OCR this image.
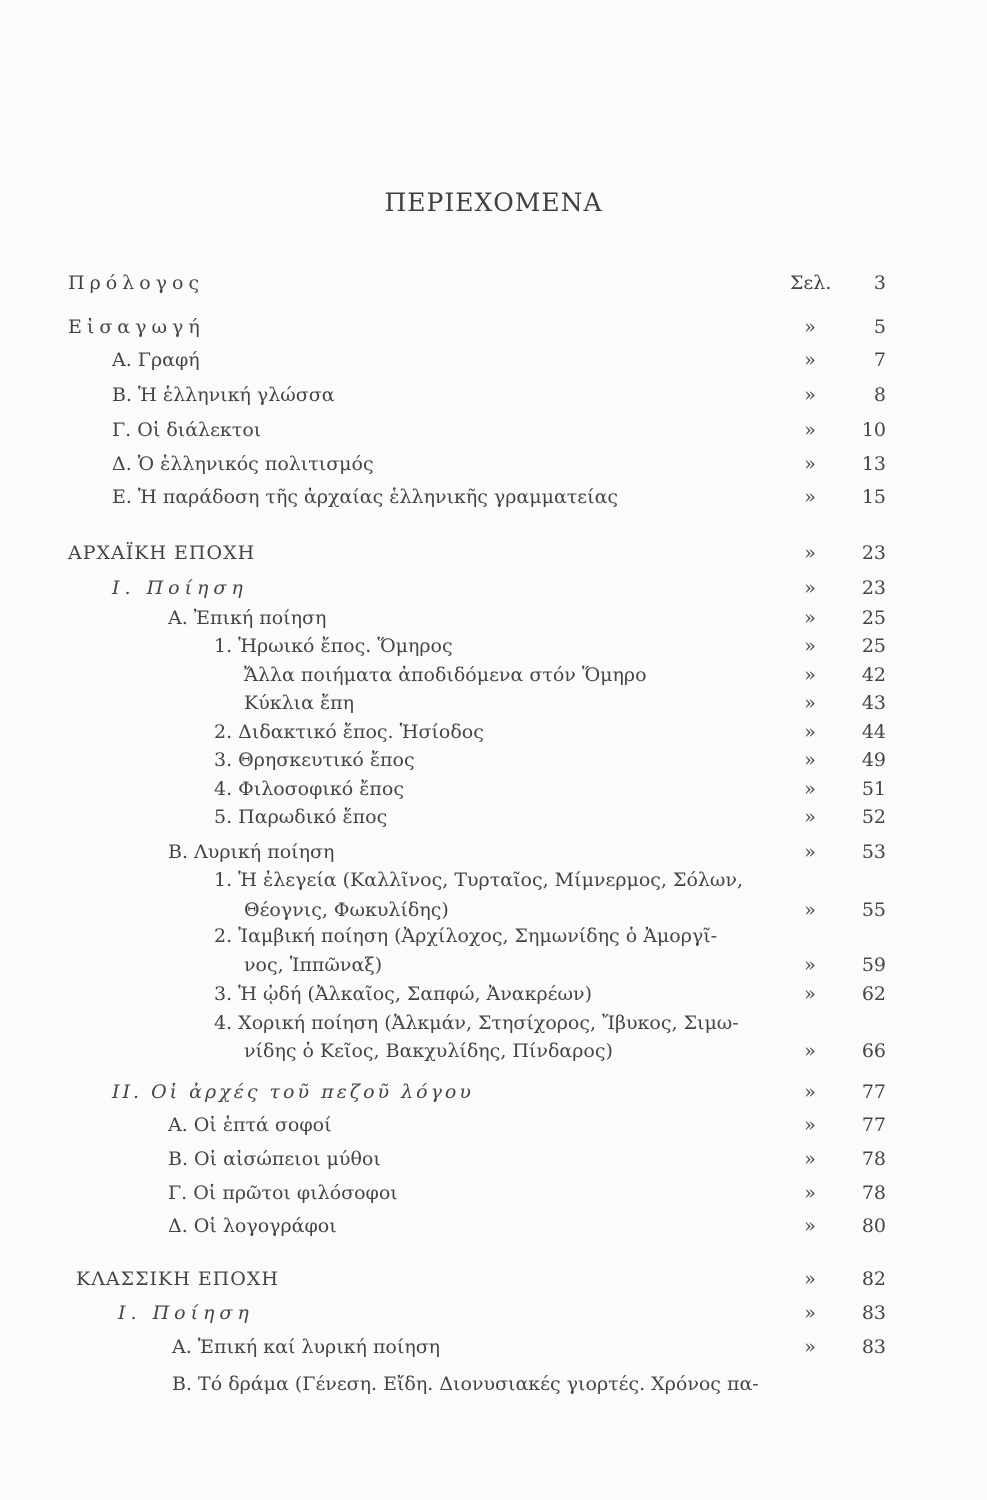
ΠΕΡΙΕΧΟΜΕΝΑ
Πρόλογος	Σελ.	3
Εἰσαγωγή	»	5
Α. Γραφή	»	7
Β. Ἡ ἑλληνική γλώσσα	»	8
Γ. Οἱ διάλεκτοι	»	10
Δ. Ὁ ἑλληνικός πολιτισμός	»	13
Ε. Ἡ παράδοση τῆς ἀρχαίας ἑλληνικῆς γραμματείας	»	15
ΑΡΧΑΪΚΗ ΕΠΟΧΗ	»	23
Ι. Ποίηση	»	23
Α. Ἐπική ποίηση	»	25
1. Ἡρωικό ἔπος. Ὅμηρος	»	25
Ἄλλα ποιήματα ἀποδιδόμενα στόν Ὅμηρο	»	42
Κύκλια ἔπη	»	43
2. Διδακτικό ἔπος. Ἡσίοδος	»	44
3. Θρησκευτικό ἔπος	»	49
4. Φιλοσοφικό ἔπος	»	51
5. Παρωδικό ἔπος	»	52
Β. Λυρική ποίηση	»	53
1. Ἡ ἐλεγεία (Καλλῖνος, Τυρταῖος, Μίμνερμος, Σόλων,
Θέογνις, Φωκυλίδης)	»	55
2. Ἰαμβική ποίηση (Ἀρχίλοχος, Σημωνίδης ὁ Ἀμοργῖ-
νος, Ἱππῶναξ)	»	59
3. Ἡ ᾠδή (Ἀλκαῖος, Σαπφώ, Ἀνακρέων)	»	62
4. Χορική ποίηση (Ἀλκμάν, Στησίχορος, Ἴβυκος, Σιμω-
νίδης ὁ Κεῖος, Βακχυλίδης, Πίνδαρος)	»	66
ΙΙ. Οἱ ἀρχές τοῦ πεζοῦ λόγου	»	77
Α. Οἱ ἑπτά σοφοί	»	77
Β. Οἱ αἰσώπειοι μύθοι	»	78
Γ. Οἱ πρῶτοι φιλόσοφοι	»	78
Δ. Οἱ λογογράφοι	»	80
ΚΛΑΣΣΙΚΗ ΕΠΟΧΗ	»	82
Ι. Ποίηση	»	83
Α. Ἐπική καί λυρική ποίηση	»	83
Β. Τό δράμα (Γένεση. Εἴδη. Διονυσιακές γιορτές. Χρόνος πα-
